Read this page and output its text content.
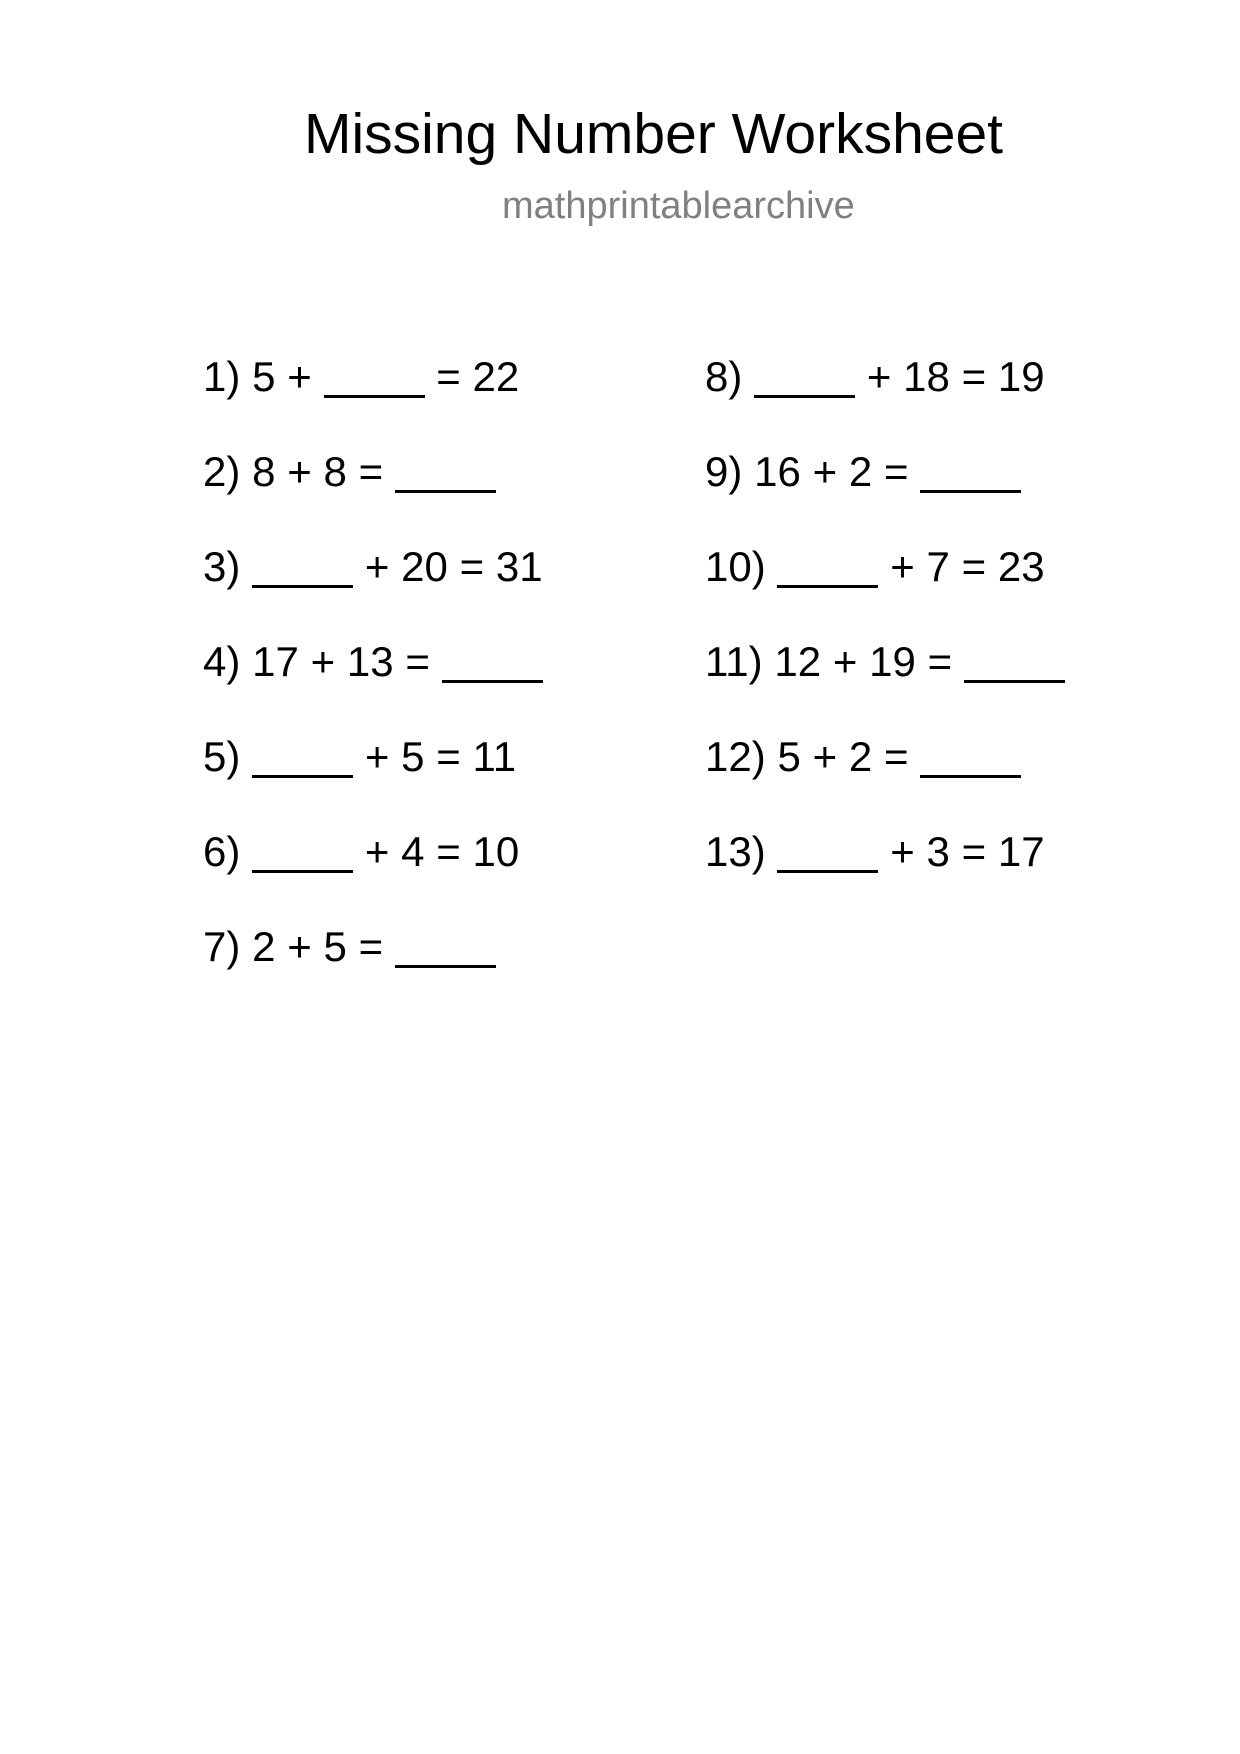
Missing Number Worksheet
mathprintablearchive
1) 5 +	= 22
2) 8 + 8 =
3)	+ 20 = 31
4) 17 + 13 =
5)	+ 5 = 11
6)	+ 4 = 10
7) 2 + 5 =
8)	+ 18 = 19
9) 16 + 2 =
10)	+ 7 = 23
11) 12 + 19 =
12) 5 + 2 =
13)	+ 3 = 17
